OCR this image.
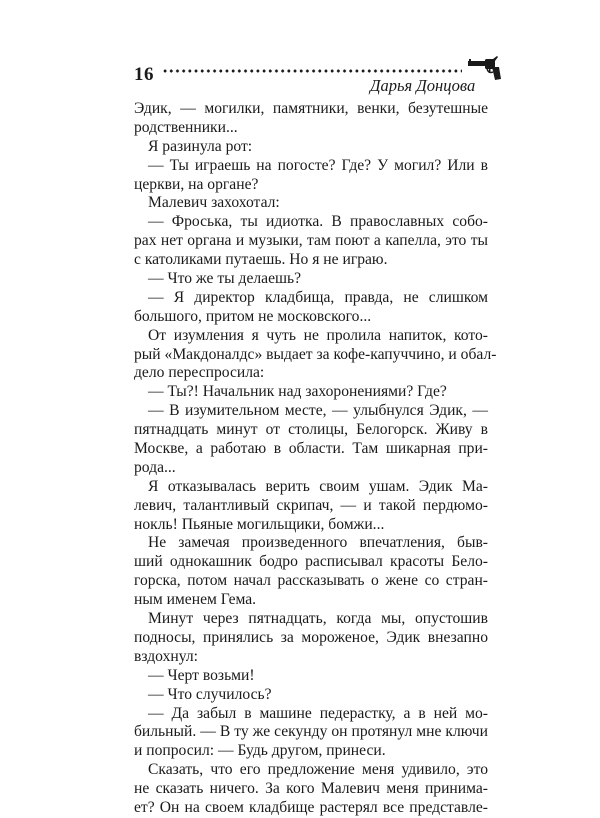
16
Дарья Донцова
Эдик, — могилки, памятники, венки, безутешные
родственники...
Я разинула рот:
— Ты играешь на погосте? Где? У могил? Или в
церкви, на органе?
Малевич захохотал:
— Фроська, ты идиотка. В православных собо-
рах нет органа и музыки, там поют а капелла, это ты
с католиками путаешь. Но я не играю.
— Что же ты делаешь?
— Я директор кладбища, правда, не слишком
большого, притом не московского...
От изумления я чуть не пролила напиток, кото-
рый «Макдоналдс» выдает за кофе-капуччино, и обал-
дело переспросила:
— Ты?! Начальник над захоронениями? Где?
— В изумительном месте, — улыбнулся Эдик, —
пятнадцать минут от столицы, Белогорск. Живу в
Москве, а работаю в области. Там шикарная при-
рода...
Я отказывалась верить своим ушам. Эдик Ма-
левич, талантливый скрипач, — и такой пердюмо-
нокль! Пьяные могильщики, бомжи...
Не замечая произведенного впечатления, быв-
ший однокашник бодро расписывал красоты Бело-
горска, потом начал рассказывать о жене со стран-
ным именем Гема.
Минут через пятнадцать, когда мы, опустошив
подносы, принялись за мороженое, Эдик внезапно
вздохнул:
— Черт возьми!
— Что случилось?
— Да забыл в машине педерастку, а в ней мо-
бильный. — В ту же секунду он протянул мне ключи
и попросил: — Будь другом, принеси.
Сказать, что его предложение меня удивило, это
не сказать ничего. За кого Малевич меня принима-
ет? Он на своем кладбище растерял все представле-
